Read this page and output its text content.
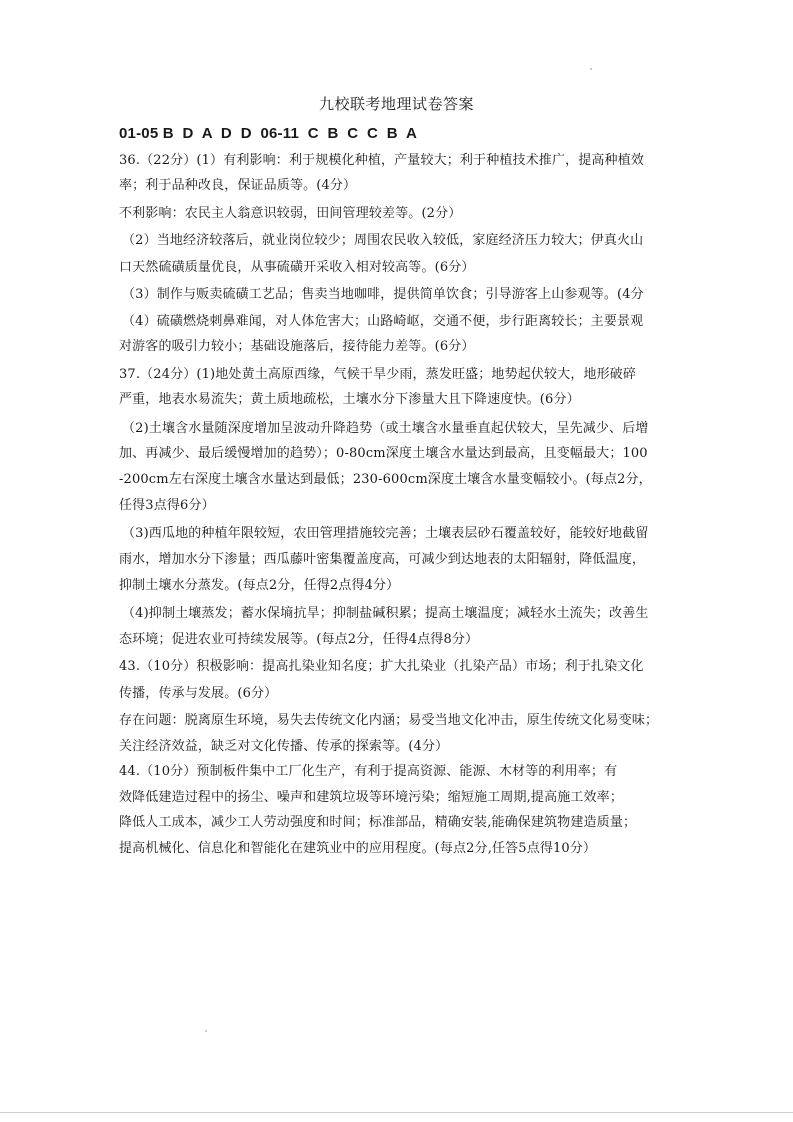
九校联考地理试卷答案
01-05 B  D  A  D  D  06-11  C  B  C  C  B  A
36.（22分）(1）有利影响：利于规模化种植，产量较大；利于种植技术推广，提高种植效
率；利于品种改良，保证品质等。(4分）
不利影响：农民主人翁意识较弱，田间管理较差等。(2分）
（2）当地经济较落后，就业岗位较少；周围农民收入较低，家庭经济压力较大；伊真火山
口天然硫磺质量优良，从事硫磺开采收入相对较高等。(6分）
（3）制作与贩卖硫磺工艺品；售卖当地咖啡，提供简单饮食；引导游客上山参观等。(4分
（4）硫磺燃烧刺鼻难闻，对人体危害大；山路崎岖，交通不便，步行距离较长；主要景观
对游客的吸引力较小；基础设施落后，接待能力差等。(6分）
37.（24分）(1)地处黄土高原西缘，气候干旱少雨，蒸发旺盛；地势起伏较大，地形破碎
严重，地表水易流失；黄土质地疏松，土壤水分下渗量大且下降速度快。(6分）
（2)土壤含水量随深度增加呈波动升降趋势（或土壤含水量垂直起伏较大，呈先减少、后增
加、再减少、最后缓慢增加的趋势）；0-80cm深度土壤含水量达到最高，且变幅最大；100
-200cm左右深度土壤含水量达到最低；230-600cm深度土壤含水量变幅较小。(每点2分，
任得3点得6分）
（3)西瓜地的种植年限较短，农田管理措施较完善；土壤表层砂石覆盖较好，能较好地截留
雨水，增加水分下渗量；西瓜藤叶密集覆盖度高，可减少到达地表的太阳辐射，降低温度，
抑制土壤水分蒸发。(每点2分，任得2点得4分）
（4)抑制土壤蒸发；蓄水保墒抗旱；抑制盐碱积累；提高土壤温度；减轻水土流失；改善生
态环境；促进农业可持续发展等。(每点2分，任得4点得8分）
43.（10分）积极影响：提高扎染业知名度；扩大扎染业（扎染产品）市场；利于扎染文化
传播，传承与发展。(6分）
存在问题：脱离原生环境，易失去传统文化内涵；易受当地文化冲击，原生传统文化易变味；
关注经济效益，缺乏对文化传播、传承的探索等。(4分）
44.（10分）预制板件集中工厂化生产，有利于提高资源、能源、木材等的利用率；有
效降低建造过程中的扬尘、噪声和建筑垃圾等环境污染；缩短施工周期,提高施工效率；
降低人工成本，减少工人劳动强度和时间；标准部品，精确安装,能确保建筑物建造质量；
提高机械化、信息化和智能化在建筑业中的应用程度。(每点2分,任答5点得10分）
